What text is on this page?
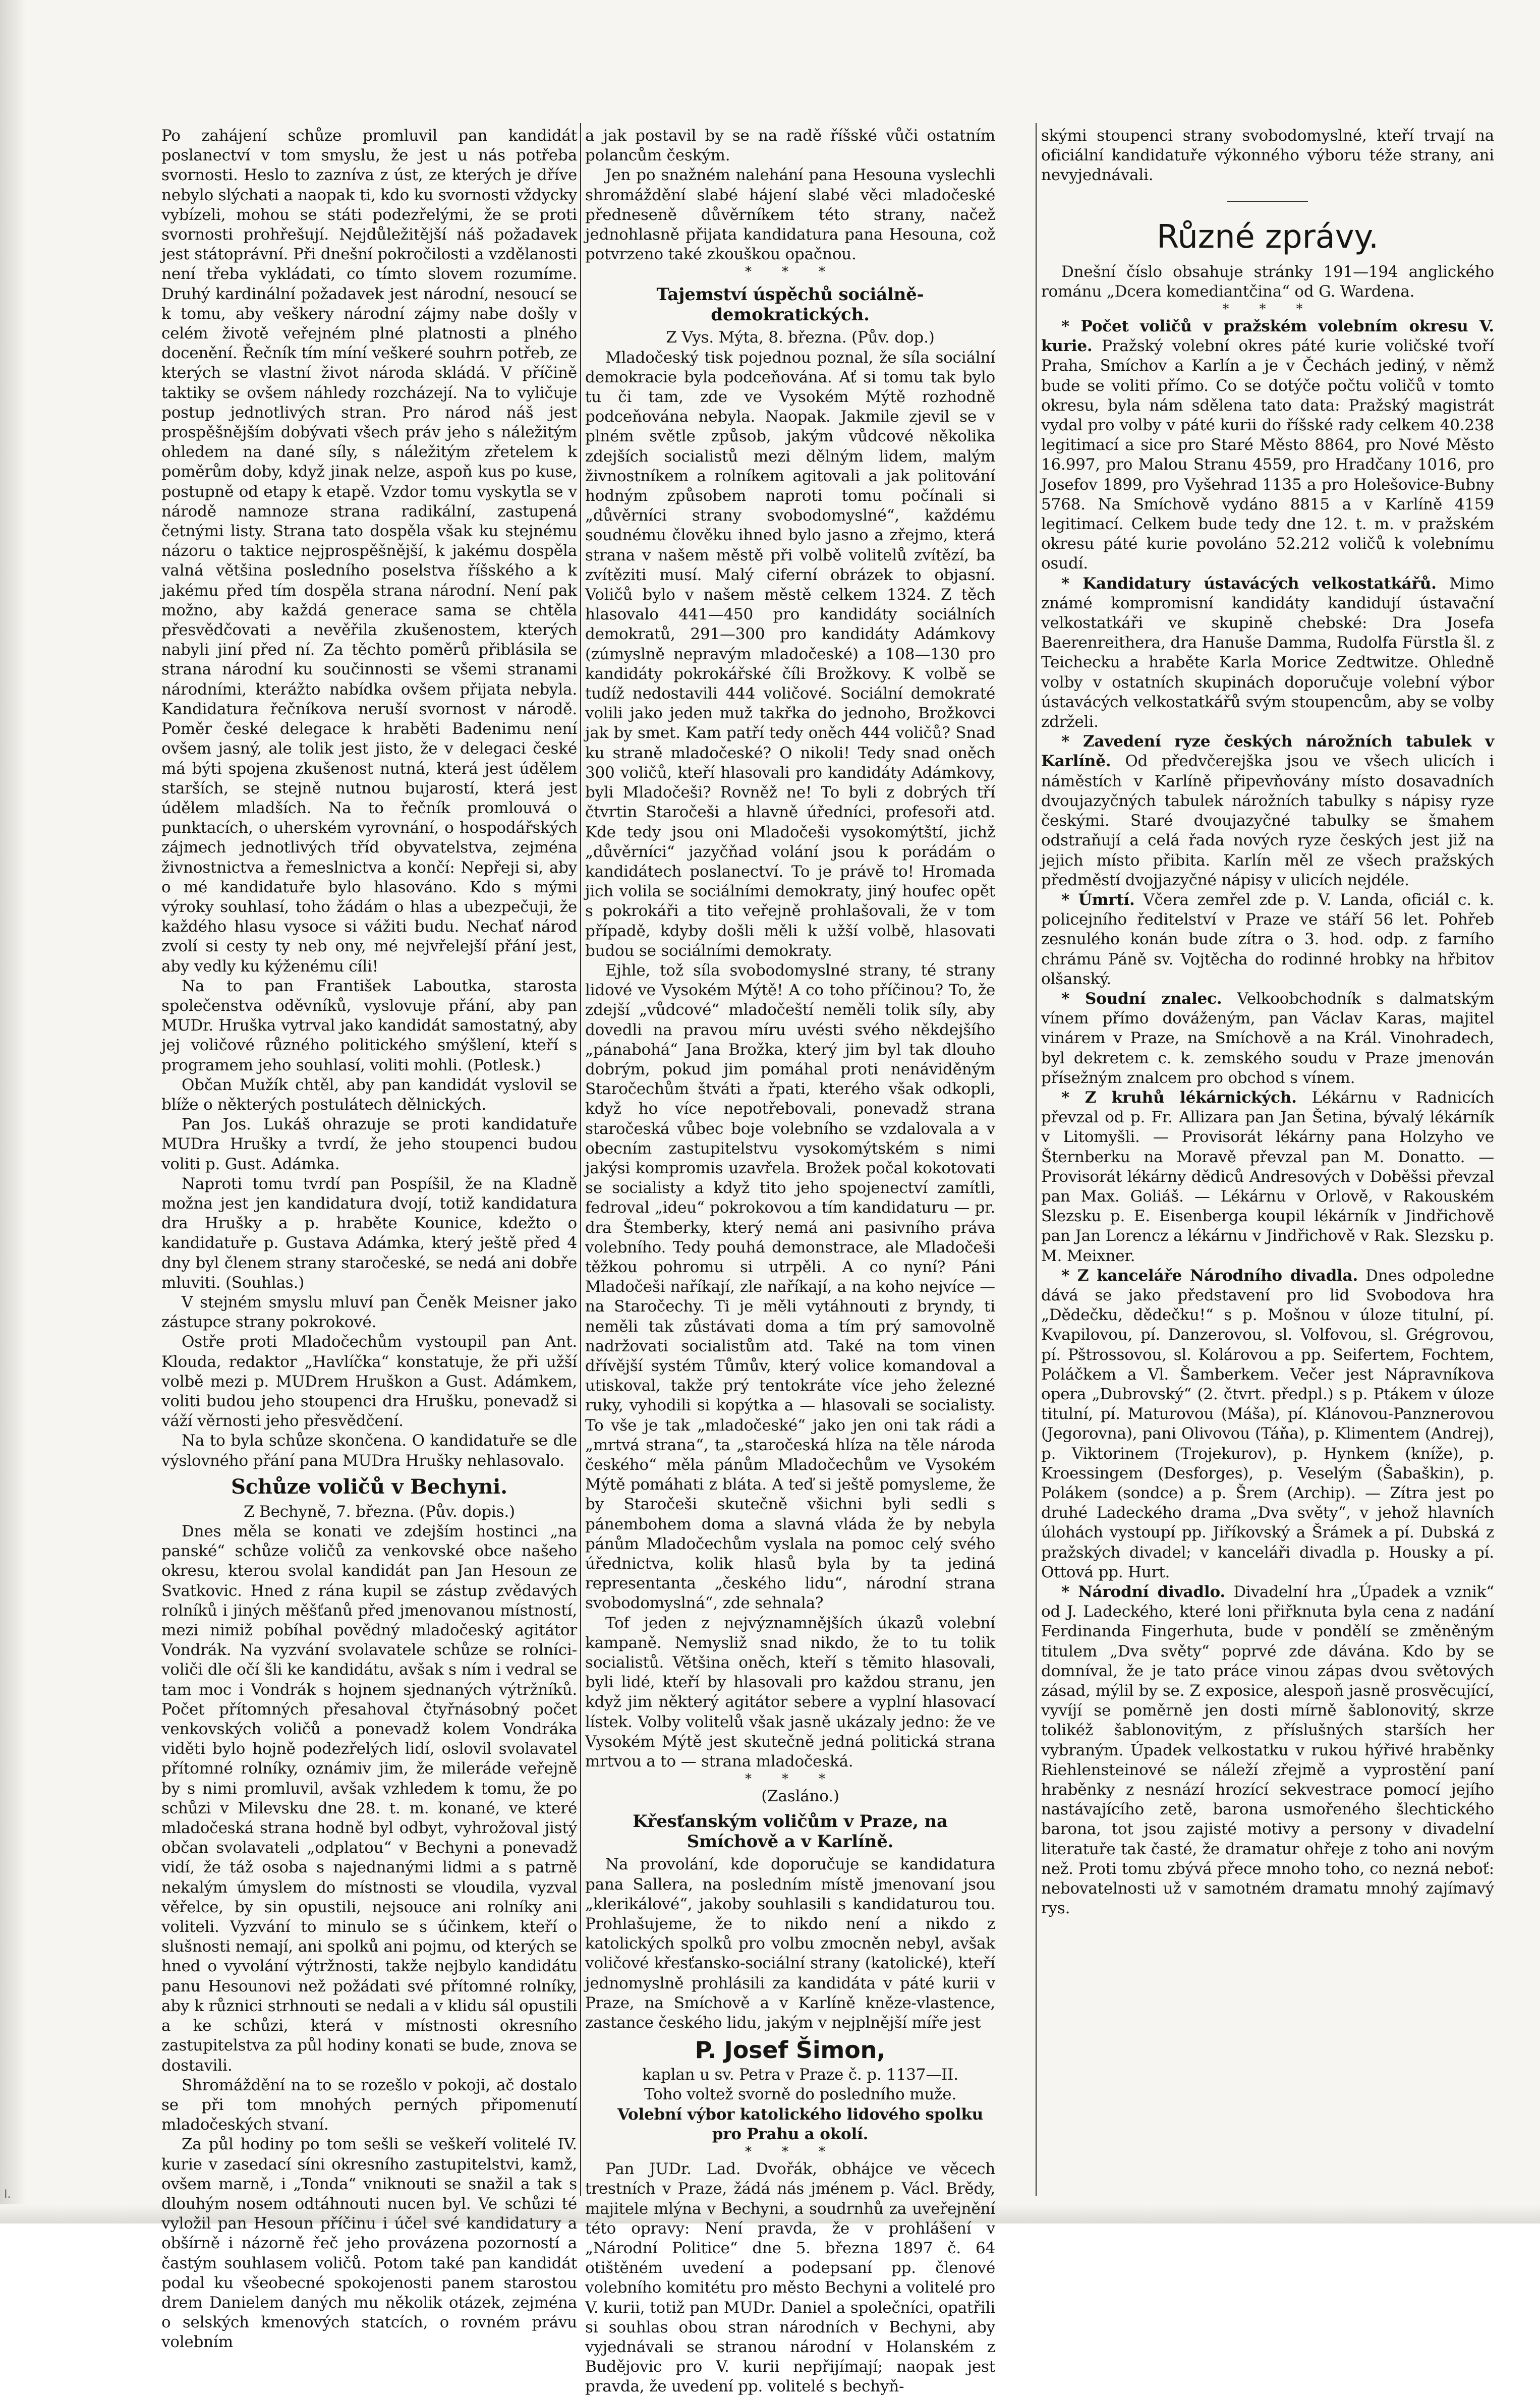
Po zahájení schůze promluvil pan kandidát poslanectví v tom smyslu, že jest u nás potřeba svornosti. Heslo to zazníva z úst, ze kterých je dříve nebylo slýchati a naopak ti, kdo ku svornosti vždycky vybízeli, mohou se státi podezřelými, že se proti svornosti prohřešují. Nejdůležitější náš požadavek jest státoprávní. Při dnešní pokročilosti a vzdělanosti není třeba vykládati, co tímto slovem rozumíme. Druhý kardinální požadavek jest národní, nesoucí se k tomu, aby veškery národní zájmy nabe došly v celém životě veřejném plné platnosti a plného docenění. Řečník tím míní veškeré souhrn potřeb, ze kterých se vlastní život národa skládá. V příčině taktiky se ovšem náhledy rozcházejí. Na to vyličuje postup jednotlivých stran. Pro národ náš jest prospěšnějším dobývati všech práv jeho s náležitým ohledem na dané síly, s náležitým zřetelem k poměrům doby, když jinak nelze, aspoň kus po kuse, postupně od etapy k etapě. Vzdor tomu vyskytla se v národě namnoze strana radikální, zastupená četnými listy. Strana tato dospěla však ku stejnému názoru o taktice nejprospěšnější, k jakému dospěla valná většina posledního poselstva říšského a k jakému před tím dospěla strana národní. Není pak možno, aby každá generace sama se chtěla přesvědčovati a nevěřila zkušenostem, kterých nabyli jiní před ní. Za těchto poměrů přiblásila se strana národní ku součinnosti se všemi stranami národními, kterážto nabídka ovšem přijata nebyla. Kandidatura řečníkova neruší svornost v národě. Poměr české delegace k hraběti Badenimu není ovšem jasný, ale tolik jest jisto, že v delegaci české má býti spojena zkušenost nutná, která jest údělem starších, se stejně nutnou bujarostí, která jest údělem mladších. Na to řečník promlouvá o punktacích, o uherském vyrovnání, o hospodářských zájmech jednotlivých tříd obyvatelstva, zejména živnostnictva a řemeslnictva a končí: Nepřeji si, aby o mé kandidatuře bylo hlasováno. Kdo s mými výroky souhlasí, toho žádám o hlas a ubezpečuji, že každého hlasu vysoce si vážiti budu. Nechať národ zvolí si cesty ty neb ony, mé nejvřelejší přání jest, aby vedly ku kýženému cíli!

Na to pan František Laboutka, starosta společenstva oděvníků, vyslovuje přání, aby pan MUDr. Hruška vytrval jako kandidát samostatný, aby jej voličové různého politického smýšlení, kteří s programem jeho souhlasí, voliti mohli. (Potlesk.)

Občan Mužík chtěl, aby pan kandidát vyslovil se blíže o některých postulátech dělnických.

Pan Jos. Lukáš ohrazuje se proti kandidatuře MUDra Hrušky a tvrdí, že jeho stoupenci budou voliti p. Gust. Adámka.

Naproti tomu tvrdí pan Pospíšil, že na Kladně možna jest jen kandidatura dvojí, totiž kandidatura dra Hrušky a p. hraběte Kounice, kdežto o kandidatuře p. Gustava Adámka, který ještě před 4 dny byl členem strany staročeské, se nedá ani dobře mluviti. (Souhlas.)

V stejném smyslu mluví pan Čeněk Meisner jako zástupce strany pokrokové.

Ostře proti Mladočechům vystoupil pan Ant. Klouda, redaktor „Havlíčka“ konstatuje, že při užší volbě mezi p. MUDrem Hruškon a Gust. Adámkem, voliti budou jeho stoupenci dra Hrušku, ponevadž si váží věrnosti jeho přesvědčení.

Na to byla schůze skončena. O kandidatuře se dle výslovného přání pana MUDra Hrušky nehlasovalo.

Schůze voličů v Bechyni.

Z Bechyně, 7. března. (Pův. dopis.)

Dnes měla se konati ve zdejším hostinci „na panské“ schůze voličů za venkovské obce našeho okresu, kterou svolal kandidát pan Jan Hesoun ze Svatkovic. Hned z rána kupil se zástup zvědavých rolníků i jiných měšťanů před jmenovanou místností, mezi nimiž pobíhal povědný mladočeský agitátor Vondrák. Na vyzvání svolavatele schůze se rolníci-voliči dle očí šli ke kandidátu, avšak s ním i vedral se tam moc i Vondrák s hojnem sjednaných výtržníků. Počet přítomných přesahoval čtyřnásobný počet venkovských voličů a ponevadž kolem Vondráka viděti bylo hojně podezřelých lidí, oslovil svolavatel přítomné rolníky, oznámiv jim, že mileráde veřejně by s nimi promluvil, avšak vzhledem k tomu, že po schůzi v Milevsku dne 28. t. m. konané, ve které mladočeská strana hodně byl odbyt, vyhrožoval jistý občan svolavateli „odplatou“ v Bechyni a ponevadž vidí, že táž osoba s najednanými lidmi a s patrně nekalým úmyslem do místnosti se vloudila, vyzval věřelce, by sin opustili, nejsouce ani rolníky ani voliteli. Vyzvání to minulo se s účinkem, kteří o slušnosti nemají, ani spolků ani pojmu, od kterých se hned o vyvolání výtržnosti, takže nejbylo kandidátu panu Hesounovi než požádati své přítomné rolníky, aby k různici strhnouti se nedali a v klidu sál opustili a ke schůzi, která v místnosti okresního zastupitelstva za půl hodiny konati se bude, znova se dostavili.

Shromáždění na to se rozešlo v pokoji, ač dostalo se při tom mnohých perných připomenutí mladočeských stvaní.

Za půl hodiny po tom sešli se veškeří volitelé IV. kurie v zasedací síni okresního zastupitelstvi, kamž, ovšem marně, i „Tonda“ vniknouti se snažil a tak s dlouhým nosem odtáhnouti nucen byl. Ve schůzi té vyložil pan Hesoun příčinu i účel své kandidatury a obšírně i názorně řeč jeho provázena pozorností a častým souhlasem voličů. Potom také pan kandidát podal ku všeobecné spokojenosti panem starostou drem Danielem daných mu několik otázek, zejména o selských kmenových statcích, o rovném právu volebním

a jak postavil by se na radě říšské vůči ostatním polancům českým.

Jen po snažném nalehání pana Hesouna vyslechli shromáždění slabé hájení slabé věci mladočeské předneseně důvěrníkem této strany, načež jednohlasně přijata kandidatura pana Hesouna, což potvrzeno také zkouškou opačnou.

***

Tajemství úspěchů sociálně-demokratických.

Z Vys. Mýta, 8. března. (Pův. dop.)

Mladočeský tisk pojednou poznal, že síla sociální demokracie byla podceňována. Ať si tomu tak bylo tu či tam, zde ve Vysokém Mýtě rozhodně podceňována nebyla. Naopak. Jakmile zjevil se v plném světle způsob, jakým vůdcové několika zdejších socialistů mezi dělným lidem, malým živnostníkem a rolníkem agitovali a jak politování hodným způsobem naproti tomu počínali si „důvěrníci strany svobodomyslné“, každému soudnému člověku ihned bylo jasno a zřejmo, která strana v našem městě při volbě volitelů zvítězí, ba zvítěziti musí. Malý ciferní obrázek to objasní. Voličů bylo v našem městě celkem 1324. Z těch hlasovalo 441—450 pro kandidáty sociálních demokratů, 291—300 pro kandidáty Adámkovy (zúmyslně nepravým mladočeské) a 108—130 pro kandidáty pokrokářské číli Brožkovy. K volbě se tudíž nedostavili 444 voličové. Sociální demokraté volili jako jeden muž takřka do jednoho, Brožkovci jak by smet. Kam patří tedy oněch 444 voličů? Snad ku straně mladočeské? O nikoli! Tedy snad oněch 300 voličů, kteří hlasovali pro kandidáty Adámkovy, byli Mladočeši? Rovněž ne! To byli z dobrých tří čtvrtin Staročeši a hlavně úředníci, profesoři atd. Kde tedy jsou oni Mladočeši vysokomýtští, jichž „důvěrníci“ jazyčňad volání jsou k porádám o kandidátech poslanectví. To je právě to! Hromada jich volila se sociálními demokraty, jiný houfec opět s pokrokáři a tito veřejně prohlašovali, že v tom případě, kdyby došli měli k užší volbě, hlasovati budou se sociálními demokraty.

Ejhle, tož síla svobodomyslné strany, té strany lidové ve Vysokém Mýtě! A co toho příčinou? To, že zdejší „vůdcové“ mladočeští neměli tolik síly, aby dovedli na pravou míru uvésti svého někdejšího „pánabohá“ Jana Brožka, který jim byl tak dlouho dobrým, pokud jim pomáhal proti nenáviděným Staročechům štváti a řpati, kterého však odkopli, když ho více nepotřebovali, ponevadž strana staročeská vůbec boje volebního se vzdalovala a v obecním zastupitelstvu vysokomýtském s nimi jakýsi kompromis uzavřela. Brožek počal kokotovati se socialisty a když tito jeho spojenectví zamítli, fedroval „ideu“ pokrokovou a tím kandidaturu — pr. dra Štemberky, který nemá ani pasivního práva volebního. Tedy pouhá demonstrace, ale Mladočeši těžkou pohromu si utrpěli. A co nyní? Páni Mladočeši naříkají, zle naříkají, a na koho nejvíce — na Staročechy. Ti je měli vytáhnouti z bryndy, ti neměli tak zůstávati doma a tím prý samovolně nadržovati socialistům atd. Také na tom vinen dřívější systém Tůmův, který volice komandoval a utiskoval, takže prý tentokráte více jeho železné ruky, vyhodili si kopýtka a — hlasovali se socialisty. To vše je tak „mladočeské“ jako jen oni tak rádi a „mrtvá strana“, ta „staročeská hlíza na těle národa českého“ měla pánům Mladočechům ve Vysokém Mýtě pomáhati z bláta. A teď si ještě pomysleme, že by Staročeši skutečně všichni byli sedli s pánembohem doma a slavná vláda že by nebyla pánům Mladočechům vyslala na pomoc celý svého úřednictva, kolik hlasů byla by ta jediná representanta „českého lidu“, národní strana svobodomyslná“, zde sehnala?

Tof jeden z nejvýznamnějších úkazů volební kampaně. Nemysliž snad nikdo, že to tu tolik socialistů. Většina oněch, kteří s těmito hlasovali, byli lidé, kteří by hlasovali pro každou stranu, jen když jim některý agitátor sebere a vyplní hlasovací lístek. Volby volitelů však jasně ukázaly jedno: že ve Vysokém Mýtě jest skutečně jedná politická strana mrtvou a to — strana mladočeská.

***

(Zasláno.)

Křesťanským voličům v Praze, na Smíchově a v Karlíně.

Na provolání, kde doporučuje se kandidatura pana Sallera, na posledním místě jmenovaní jsou „klerikálové“, jakoby souhlasili s kandidaturou tou. Prohlašujeme, že to nikdo není a nikdo z katolických spolků pro volbu zmocněn nebyl, avšak voličové křesťansko-sociální strany (katolické), kteří jednomyslně prohlásili za kandidáta v páté kurii v Praze, na Smíchově a v Karlíně kněze-vlastence, zastance českého lidu, jakým v nejplnější míře jest

P. Josef Šimon,

kaplan u sv. Petra v Praze č. p. 1137—II.

Toho voltež svorně do posledního muže.

Volební výbor katolického lidového spolku pro Prahu a okolí.

***

Pan JUDr. Lad. Dvořák, obhájce ve věcech trestních v Praze, žádá nás jménem p. Václ. Brědy, majitele mlýna v Bechyni, a soudrnhů za uveřejnění této opravy: Není pravda, že v prohlášení v „Národní Politice“ dne 5. března 1897 č. 64 otištěném uvedení a podepsaní pp. členové volebního komitétu pro město Bechyni a volitelé pro V. kurii, totiž pan MUDr. Daniel a společníci, opatřili si souhlas obou stran národních v Bechyni, aby vyjednávali se stranou národní v Holanském z Budějovic pro V. kurii nepřijímají; naopak jest pravda, že uvedení pp. volitelé s bechyň-

skými stoupenci strany svobodomyslné, kteří trvají na oficiální kandidatuře výkonného výboru téže strany, ani nevyjednávali.

Různé zprávy.

Dnešní číslo obsahuje stránky 191—194 anglického románu „Dcera komediantčina“ od G. Wardena.

***

* Počet voličů v pražském volebním okresu V. kurie. Pražský volební okres páté kurie voličské tvoří Praha, Smíchov a Karlín a je v Čechách jediný, v němž bude se voliti přímo. Co se dotýče počtu voličů v tomto okresu, byla nám sdělena tato data: Pražský magistrát vydal pro volby v páté kurii do říšské rady celkem 40.238 legitimací a sice pro Staré Město 8864, pro Nové Město 16.997, pro Malou Stranu 4559, pro Hradčany 1016, pro Josefov 1899, pro Vyšehrad 1135 a pro Holešovice-Bubny 5768. Na Smíchově vydáno 8815 a v Karlíně 4159 legitimací. Celkem bude tedy dne 12. t. m. v pražském okresu páté kurie povoláno 52.212 voličů k volebnímu osudí.

* Kandidatury ústavácých velkostatkářů. Mimo známé kompromisní kandidáty kandidují ústavační velkostatkáři ve skupině chebské: Dra Josefa Baerenreithera, dra Hanuše Damma, Rudolfa Fürstla šl. z Teichecku a hraběte Karla Morice Zedtwitze. Ohledně volby v ostatních skupinách doporučuje volební výbor ústavácých velkostatkářů svým stoupencům, aby se volby zdrželi.

* Zavedení ryze českých nárožních tabulek v Karlíně. Od předvčerejška jsou ve všech ulicích i náměstích v Karlíně připevňovány místo dosavadních dvoujazyčných tabulek nárožních tabulky s nápisy ryze českými. Staré dvoujazyčné tabulky se šmahem odstraňují a celá řada nových ryze českých jest již na jejich místo přibita. Karlín měl ze všech pražských předměstí dvojjazyčné nápisy v ulicích nejdéle.

* Úmrtí. Včera zemřel zde p. V. Landa, oficiál c. k. policejního ředitelství v Praze ve stáří 56 let. Pohřeb zesnulého konán bude zítra o 3. hod. odp. z farního chrámu Páně sv. Vojtěcha do rodinné hrobky na hřbitov olšanský.

* Soudní znalec. Velkoobchodník s dalmatským vínem přímo dováženým, pan Václav Karas, majitel vinárem v Praze, na Smíchově a na Král. Vinohradech, byl dekretem c. k. zemského soudu v Praze jmenován přísežným znalcem pro obchod s vínem.

* Z kruhů lékárnických. Lékárnu v Radnicích převzal od p. Fr. Allizara pan Jan Šetina, bývalý lékárník v Litomyšli. — Provisorát lékárny pana Holzyho ve Šternberku na Moravě převzal pan M. Donatto. — Provisorát lékárny dědiců Andresových v Doběšsi převzal pan Max. Goliáš. — Lékárnu v Orlově, v Rakouském Slezsku p. E. Eisenberga koupil lékárník v Jindřichově pan Jan Lorencz a lékárnu v Jindřichově v Rak. Slezsku p. M. Meixner.

* Z kanceláře Národního divadla. Dnes odpoledne dává se jako představení pro lid Svobodova hra „Dědečku, dědečku!“ s p. Mošnou v úloze titulní, pí. Kvapilovou, pí. Danzerovou, sl. Volfovou, sl. Grégrovou, pí. Pštrossovou, sl. Kolárovou a pp. Seifertem, Fochtem, Poláčkem a Vl. Šamberkem. Večer jest Nápravníkova opera „Dubrovský“ (2. čtvrt. předpl.) s p. Ptákem v úloze titulní, pí. Maturovou (Máša), pí. Klánovou-Panznerovou (Jegorovna), pani Olivovou (Táňa), p. Klimentem (Andrej), p. Viktorinem (Trojekurov), p. Hynkem (kníže), p. Kroessingem (Desforges), p. Veselým (Šabaškin), p. Polákem (sondce) a p. Šrem (Archip). — Zítra jest po druhé Ladeckého drama „Dva světy“, v jehož hlavních úlohách vystoupí pp. Jiříkovský a Šrámek a pí. Dubská z pražských divadel; v kanceláři divadla p. Housky a pí. Ottová pp. Hurt.

* Národní divadlo. Divadelní hra „Úpadek a vznik“ od J. Ladeckého, které loni přiřknuta byla cena z nadání Ferdinanda Fingerhuta, bude v pondělí se změněným titulem „Dva světy“ poprvé zde dávána. Kdo by se domníval, že je tato práce vinou zápas dvou světových zásad, mýlil by se. Z exposice, alespoň jasně prosvěcující, vyvíjí se poměrně jen dosti mírně šablonovitý, skrze tolikéž šablonovitým, z příslušných starších her vybraným. Úpadek velkostatku v rukou hýřivé hraběnky Riehlensteinové se náleží zřejmě a vyprostění paní hraběnky z nesnází hrozící sekvestrace pomocí jejího nastávajícího zetě, barona usmořeného šlechtického barona, tot jsou zajisté motivy a persony v divadelní literatuře tak časté, že dramatur ohřeje z toho ani novým než. Proti tomu zbývá přece mnoho toho, co nezná neboť: nebovatelnosti už v samotném dramatu mnohý zajímavý rys.

I.
